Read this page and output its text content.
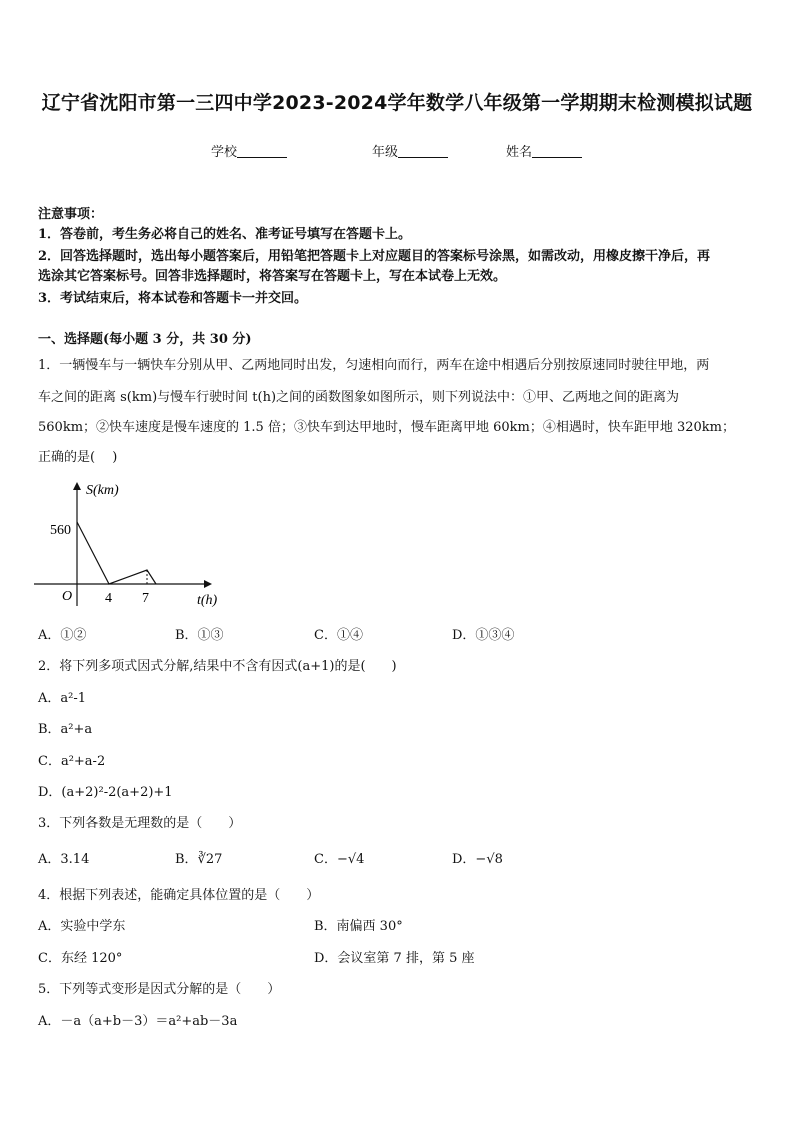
辽宁省沈阳市第一三四中学2023-2024学年数学八年级第一学期期末检测模拟试题
学校	年级	姓名
注意事项：
1．答卷前，考生务必将自己的姓名、准考证号填写在答题卡上。
2．回答选择题时，选出每小题答案后，用铅笔把答题卡上对应题目的答案标号涂黑，如需改动，用橡皮擦干净后，再
选涂其它答案标号。回答非选择题时，将答案写在答题卡上，写在本试卷上无效。
3．考试结束后，将本试卷和答题卡一并交回。
一、选择题(每小题 3 分，共 30 分)
1．一辆慢车与一辆快车分别从甲、乙两地同时出发，匀速相向而行，两车在途中相遇后分别按原速同时驶往甲地，两
车之间的距离 s(km)与慢车行驶时间 t(h)之间的函数图象如图所示，则下列说法中：①甲、乙两地之间的距离为
560km；②快车速度是慢车速度的 1.5 倍；③快车到达甲地时，慢车距离甲地 60km；④相遇时，快车距甲地 320km；
正确的是(　 )
S(km)
560
O 4 7	t(h)
A．①②	B．①③	C．①④	D．①③④
2．将下列多项式因式分解,结果中不含有因式(a+1)的是(　　)
A．a²-1
B．a²+a
C．a²+a-2
D．(a+2)²-2(a+2)+1
3．下列各数是无理数的是（　　）
A．3.14	B．∛27	C．−√4	D．−√8
4．根据下列表述，能确定具体位置的是（　　）
A．实验中学东	B．南偏西 30°
C．东经 120°	D．会议室第 7 排，第 5 座
5．下列等式变形是因式分解的是（　　）
A．－a（a+b－3）＝a²+ab－3a
